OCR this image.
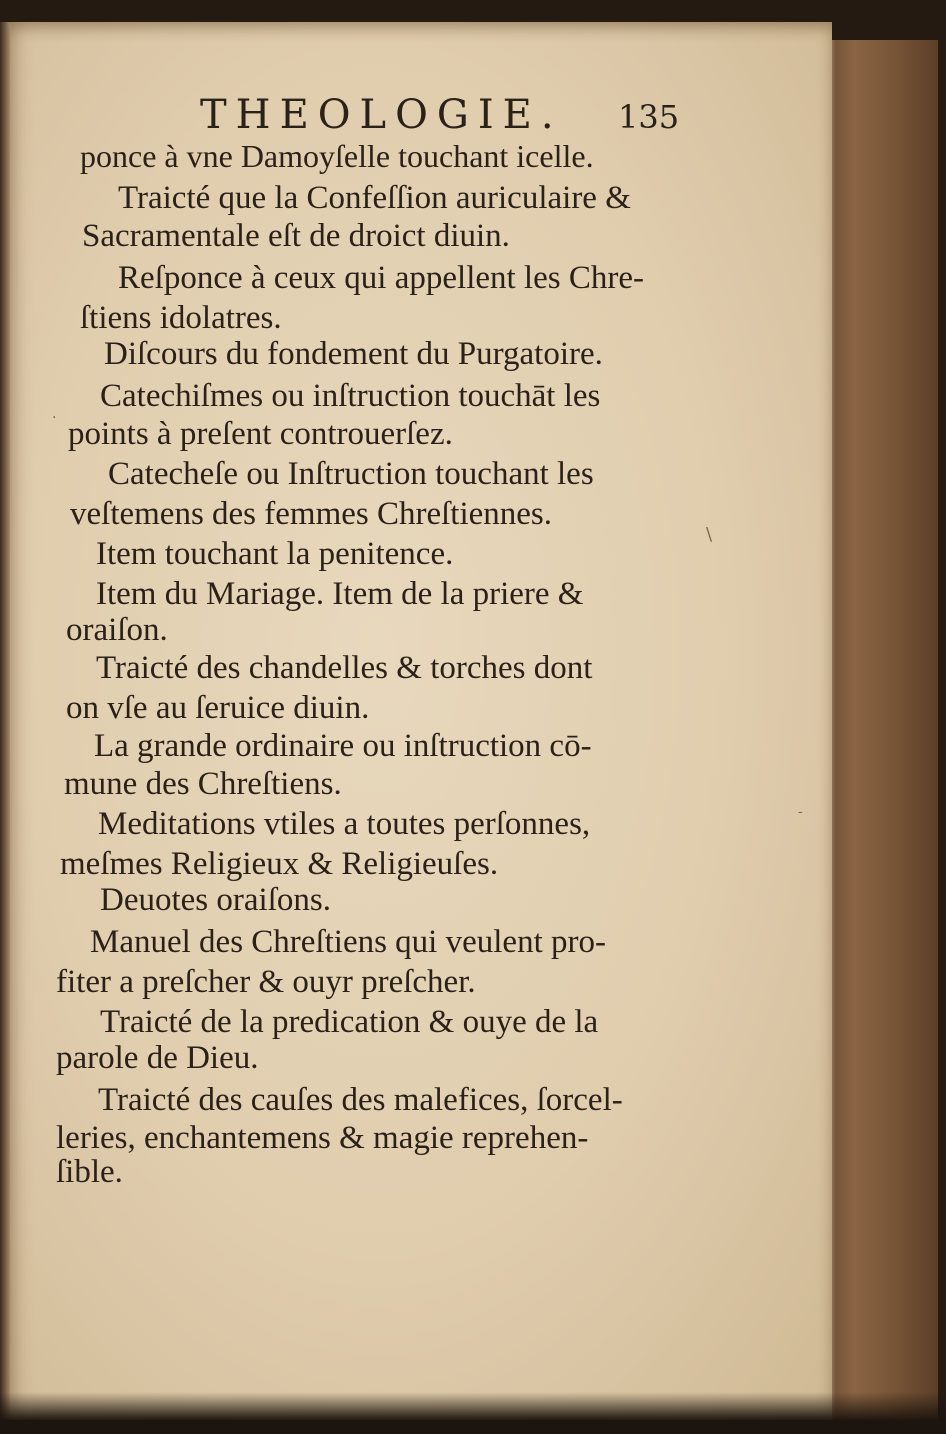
THEOLOGIE. 135
ponce à vne Damoyſelle touchant icelle.
Traicté que la Confeſſion auriculaire &
Sacramentale eſt de droict diuin.
Reſponce à ceux qui appellent les Chre-
ſtiens idolatres.
Diſcours du fondement du Purgatoire.
Catechiſmes ou inſtruction touchāt les
points à preſent controuerſez.
Catecheſe ou Inſtruction touchant les
veſtemens des femmes Chreſtiennes.
Item touchant la penitence.
Item du Mariage. Item de la priere &
oraiſon.
Traicté des chandelles & torches dont
on vſe au ſeruice diuin.
La grande ordinaire ou inſtruction cō-
mune des Chreſtiens.
Meditations vtiles a toutes perſonnes,
meſmes Religieux & Religieuſes.
Deuotes oraiſons.
Manuel des Chreſtiens qui veulent pro-
fiter a preſcher & ouyr preſcher.
Traicté de la predication & ouye de la
parole de Dieu.
Traicté des cauſes des malefices, ſorcel-
leries, enchantemens & magie reprehen-
ſible.
·
\
-
